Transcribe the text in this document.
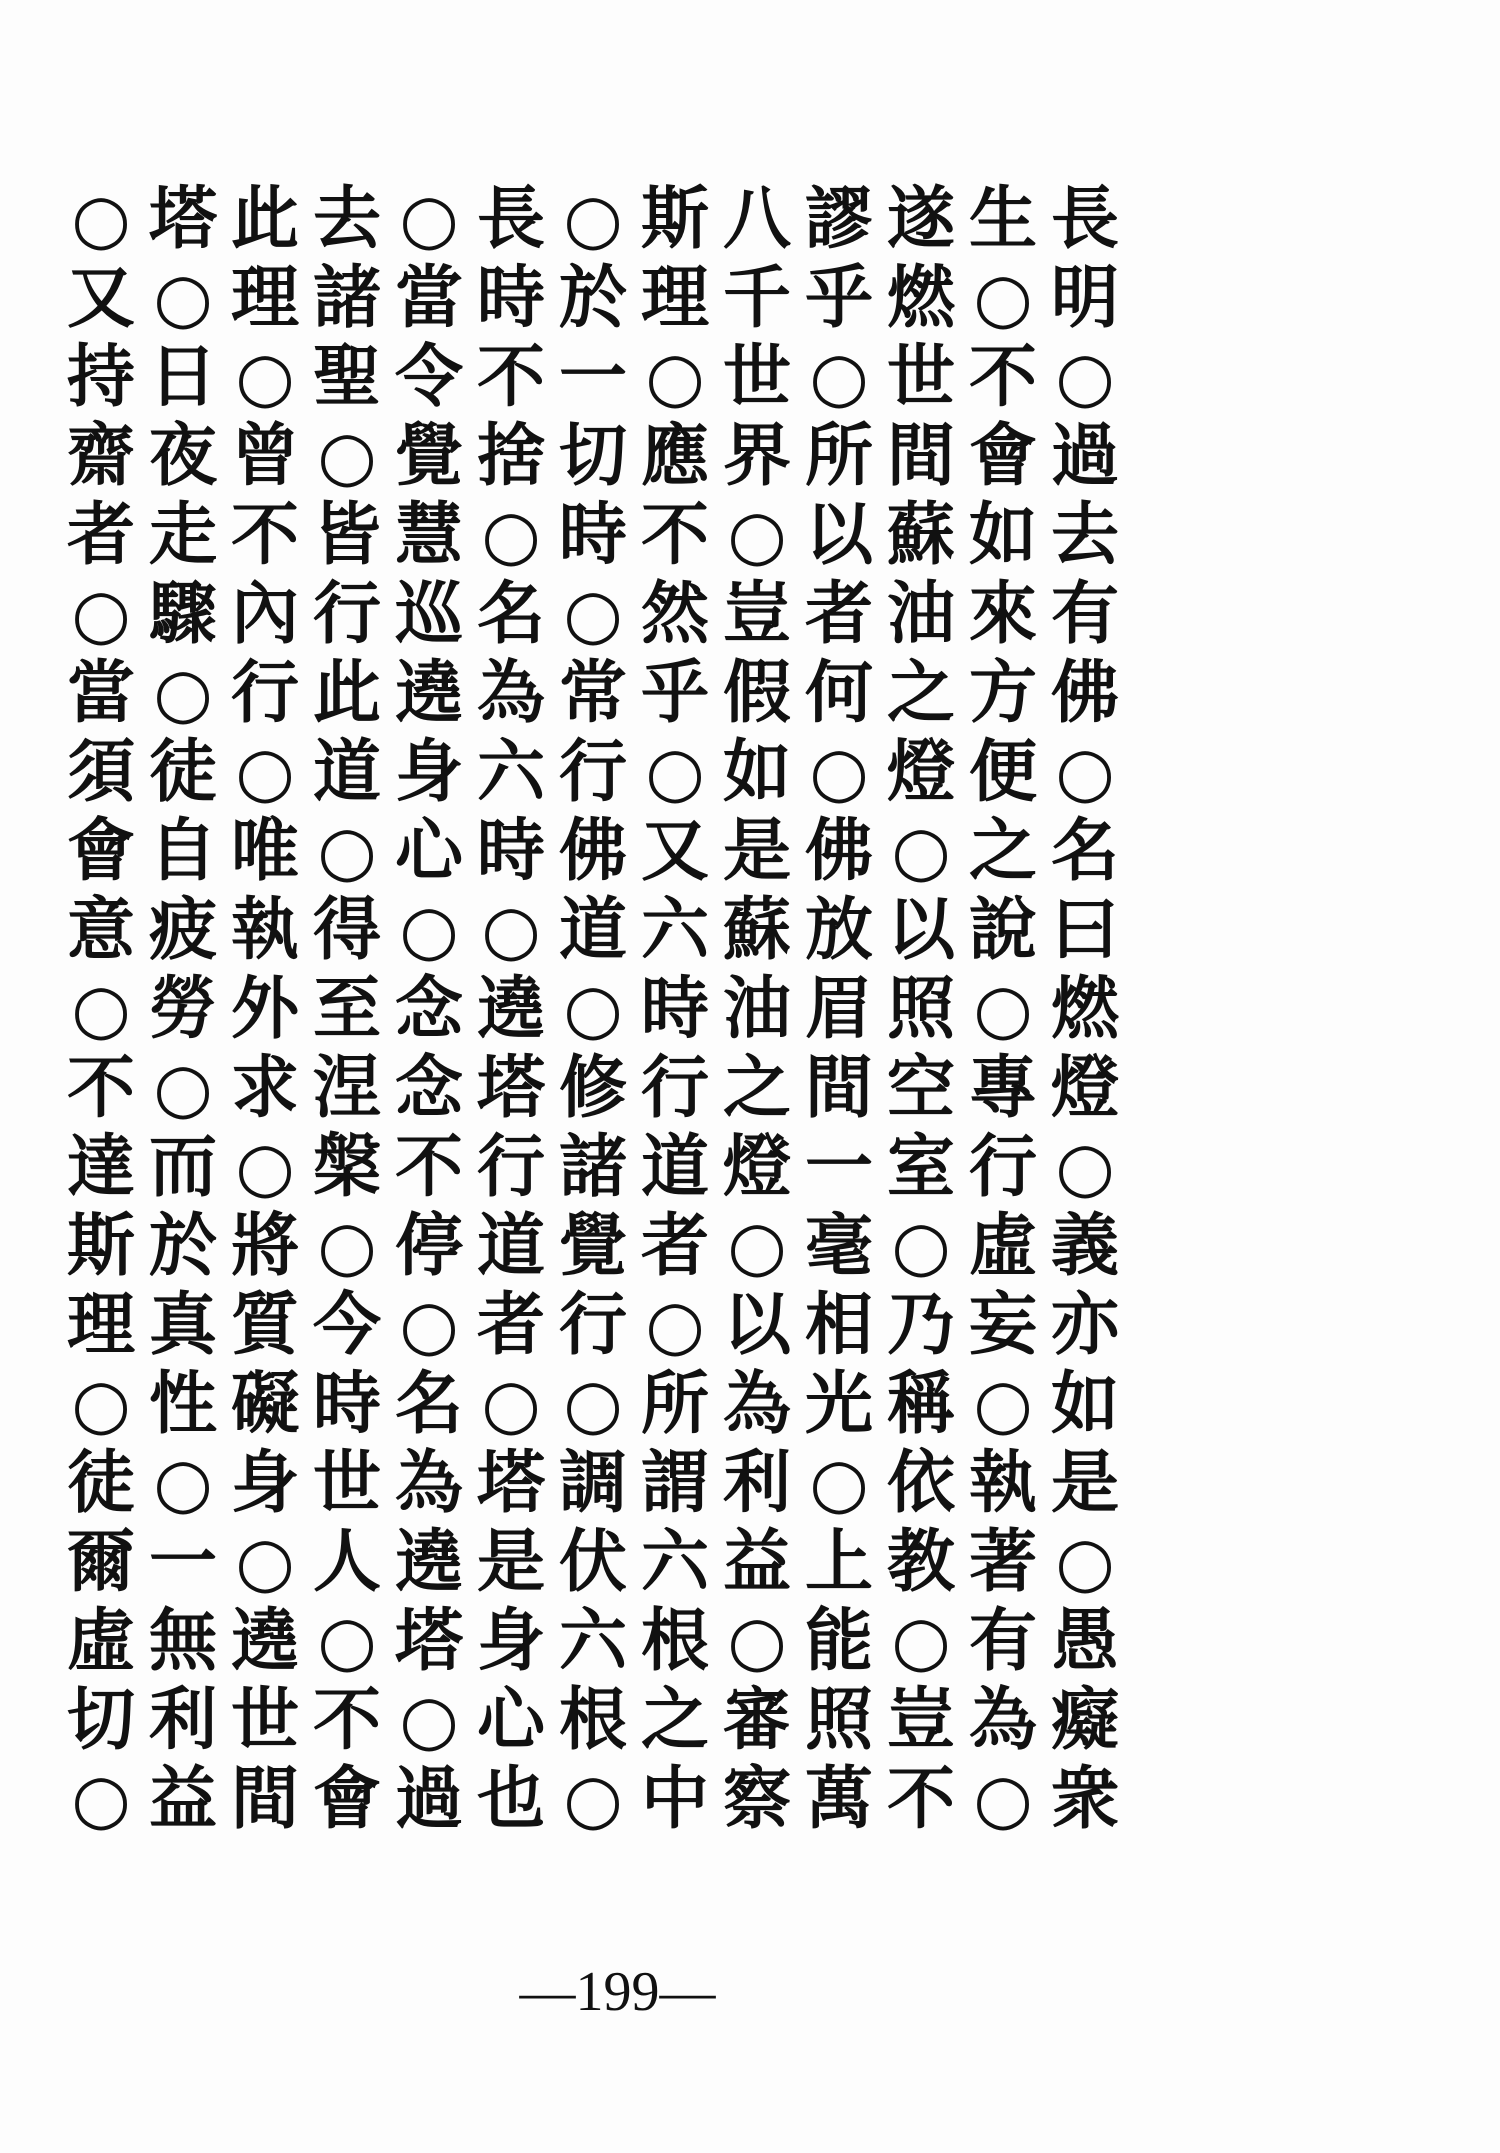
○ 塔 此 去 ○ 長 ○ 斯 八 謬 遂 生 長
又 ○ 理 諸 當 時 於 理 千 乎 燃 ○ 明
持 日 ○ 聖 令 不 一 ○ 世 ○ 世 不 ○
齋 夜 曾 ○ 覺 捨 切 應 界 所 間 會 過
者 走 不 皆 慧 ○ 時 不 ○ 以 蘇 如 去
○ 驟 內 行 巡 名 ○ 然 豈 者 油 來 有
當 ○ 行 此 遶 為 常 乎 假 何 之 方 佛
須 徒 ○ 道 身 六 行 ○ 如 ○ 燈 便 ○
會 自 唯 ○ 心 時 佛 又 是 佛 ○ 之 名
意 疲 執 得 ○ ○ 道 六 蘇 放 以 說 曰
○ 勞 外 至 念 遶 ○ 時 油 眉 照 ○ 燃
不 ○ 求 涅 念 塔 修 行 之 間 空 專 燈
達 而 ○ 槃 不 行 諸 道 燈 一 室 行 ○
斯 於 將 ○ 停 道 覺 者 ○ 毫 ○ 虛 義
理 真 質 今 ○ 者 行 ○ 以 相 乃 妄 亦
○ 性 礙 時 名 ○ ○ 所 為 光 稱 ○ 如
徒 ○ 身 世 為 塔 調 謂 利 ○ 依 執 是
爾 一 ○ 人 遶 是 伏 六 益 上 教 著 ○
虛 無 遶 ○ 塔 身 六 根 ○ 能 ○ 有 愚
切 利 世 不 ○ 心 根 之 審 照 豈 為 癡
○ 益 間 會 過 也 ○ 中 察 萬 不 ○ 衆
—199—
